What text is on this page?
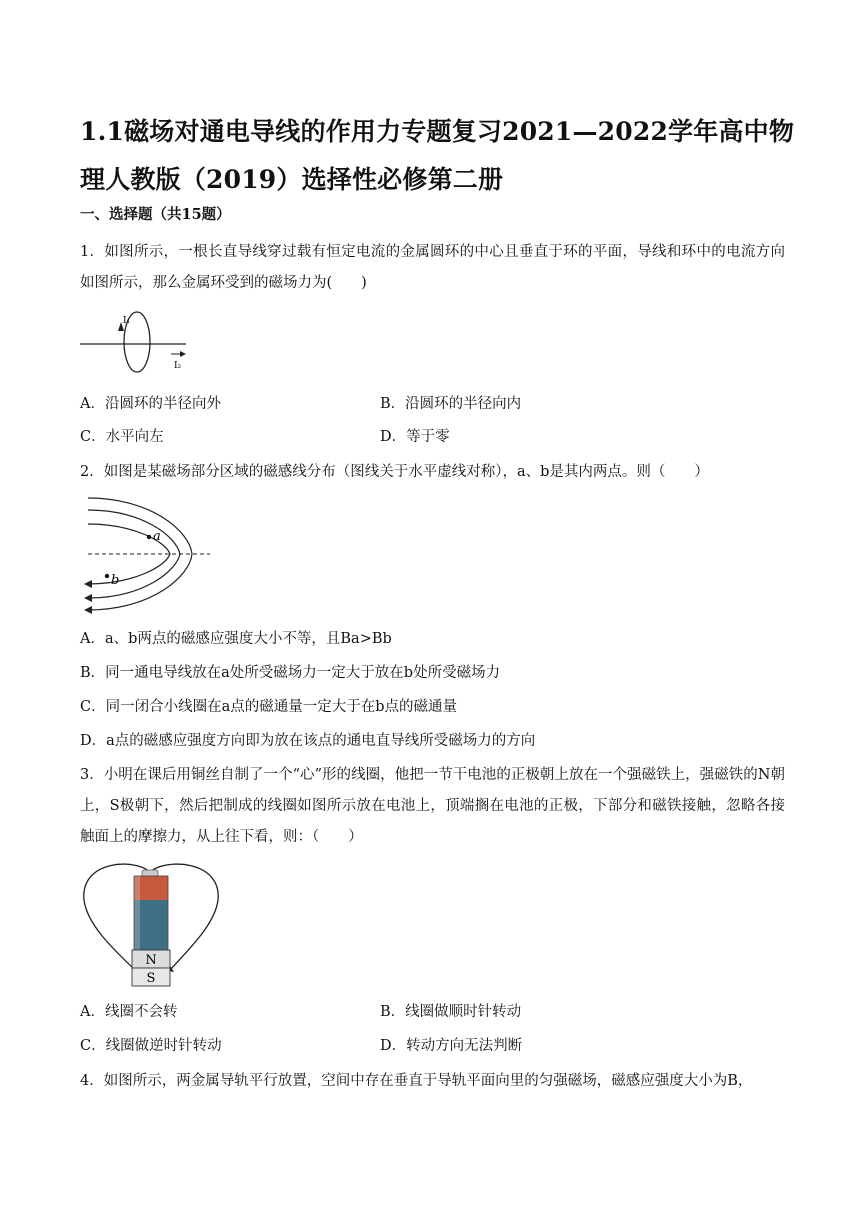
1.1磁场对通电导线的作用力专题复习2021—2022学年高中物理人教版（2019）选择性必修第二册
一、选择题（共15题）
1．如图所示，一根长直导线穿过载有恒定电流的金属圆环的中心且垂直于环的平面，导线和环中的电流方向如图所示，那么金属环受到的磁场力为(　　)
I₁
I₂
A．沿圆环的半径向外	B．沿圆环的半径向内
C．水平向左	D．等于零
2．如图是某磁场部分区域的磁感线分布（图线关于水平虚线对称），a、b是其内两点。则（　　）
a
b
A．a、b两点的磁感应强度大小不等，且Ba>Bb
B．同一通电导线放在a处所受磁场力一定大于放在b处所受磁场力
C．同一闭合小线圈在a点的磁通量一定大于在b点的磁通量
D．a点的磁感应强度方向即为放在该点的通电直导线所受磁场力的方向
3．小明在课后用铜丝自制了一个“心”形的线圈，他把一节干电池的正极朝上放在一个强磁铁上，强磁铁的N朝上，S极朝下，然后把制成的线圈如图所示放在电池上，顶端搁在电池的正极，下部分和磁铁接触，忽略各接触面上的摩擦力，从上往下看，则：（　　）
N
S
A．线圈不会转	B．线圈做顺时针转动
C．线圈做逆时针转动	D．转动方向无法判断
4．如图所示，两金属导轨平行放置，空间中存在垂直于导轨平面向里的匀强磁场，磁感应强度大小为B，
